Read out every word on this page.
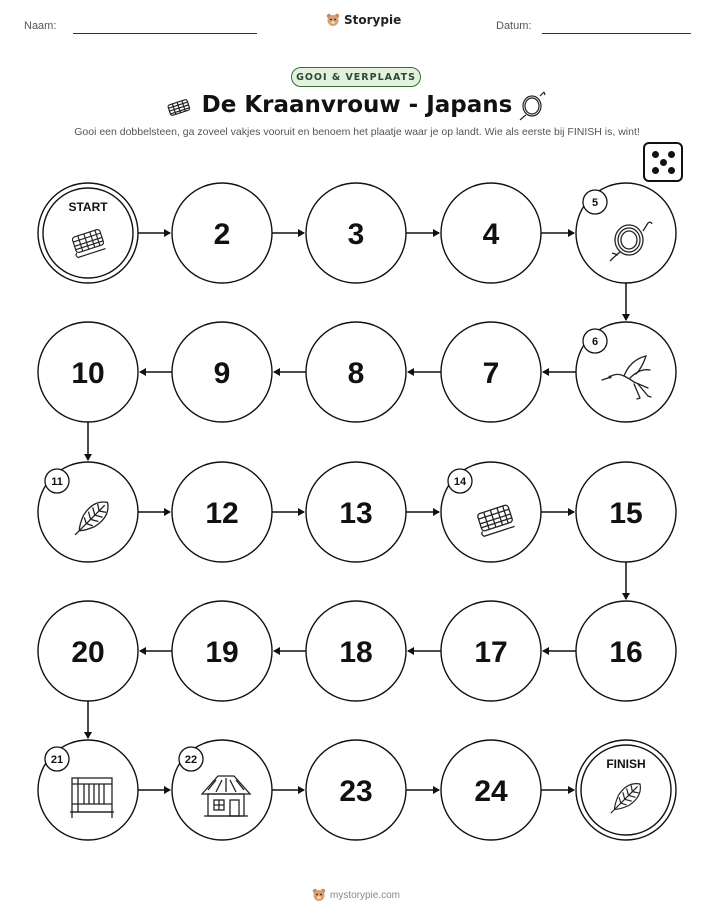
Naam:	Datum:
Storypie
GOOI & VERPLAATS
De Kraanvrouw - Japans
Gooi een dobbelsteen, ga zoveel vakjes vooruit en benoem het plaatje waar je op landt. Wie als eerste bij FINISH is, wint!
START
2	3	4
5
6
7
8
9
10
11
12	13
14
15
16
17
18
19
20
21	22
23	24
FINISH
mystorypie.com
